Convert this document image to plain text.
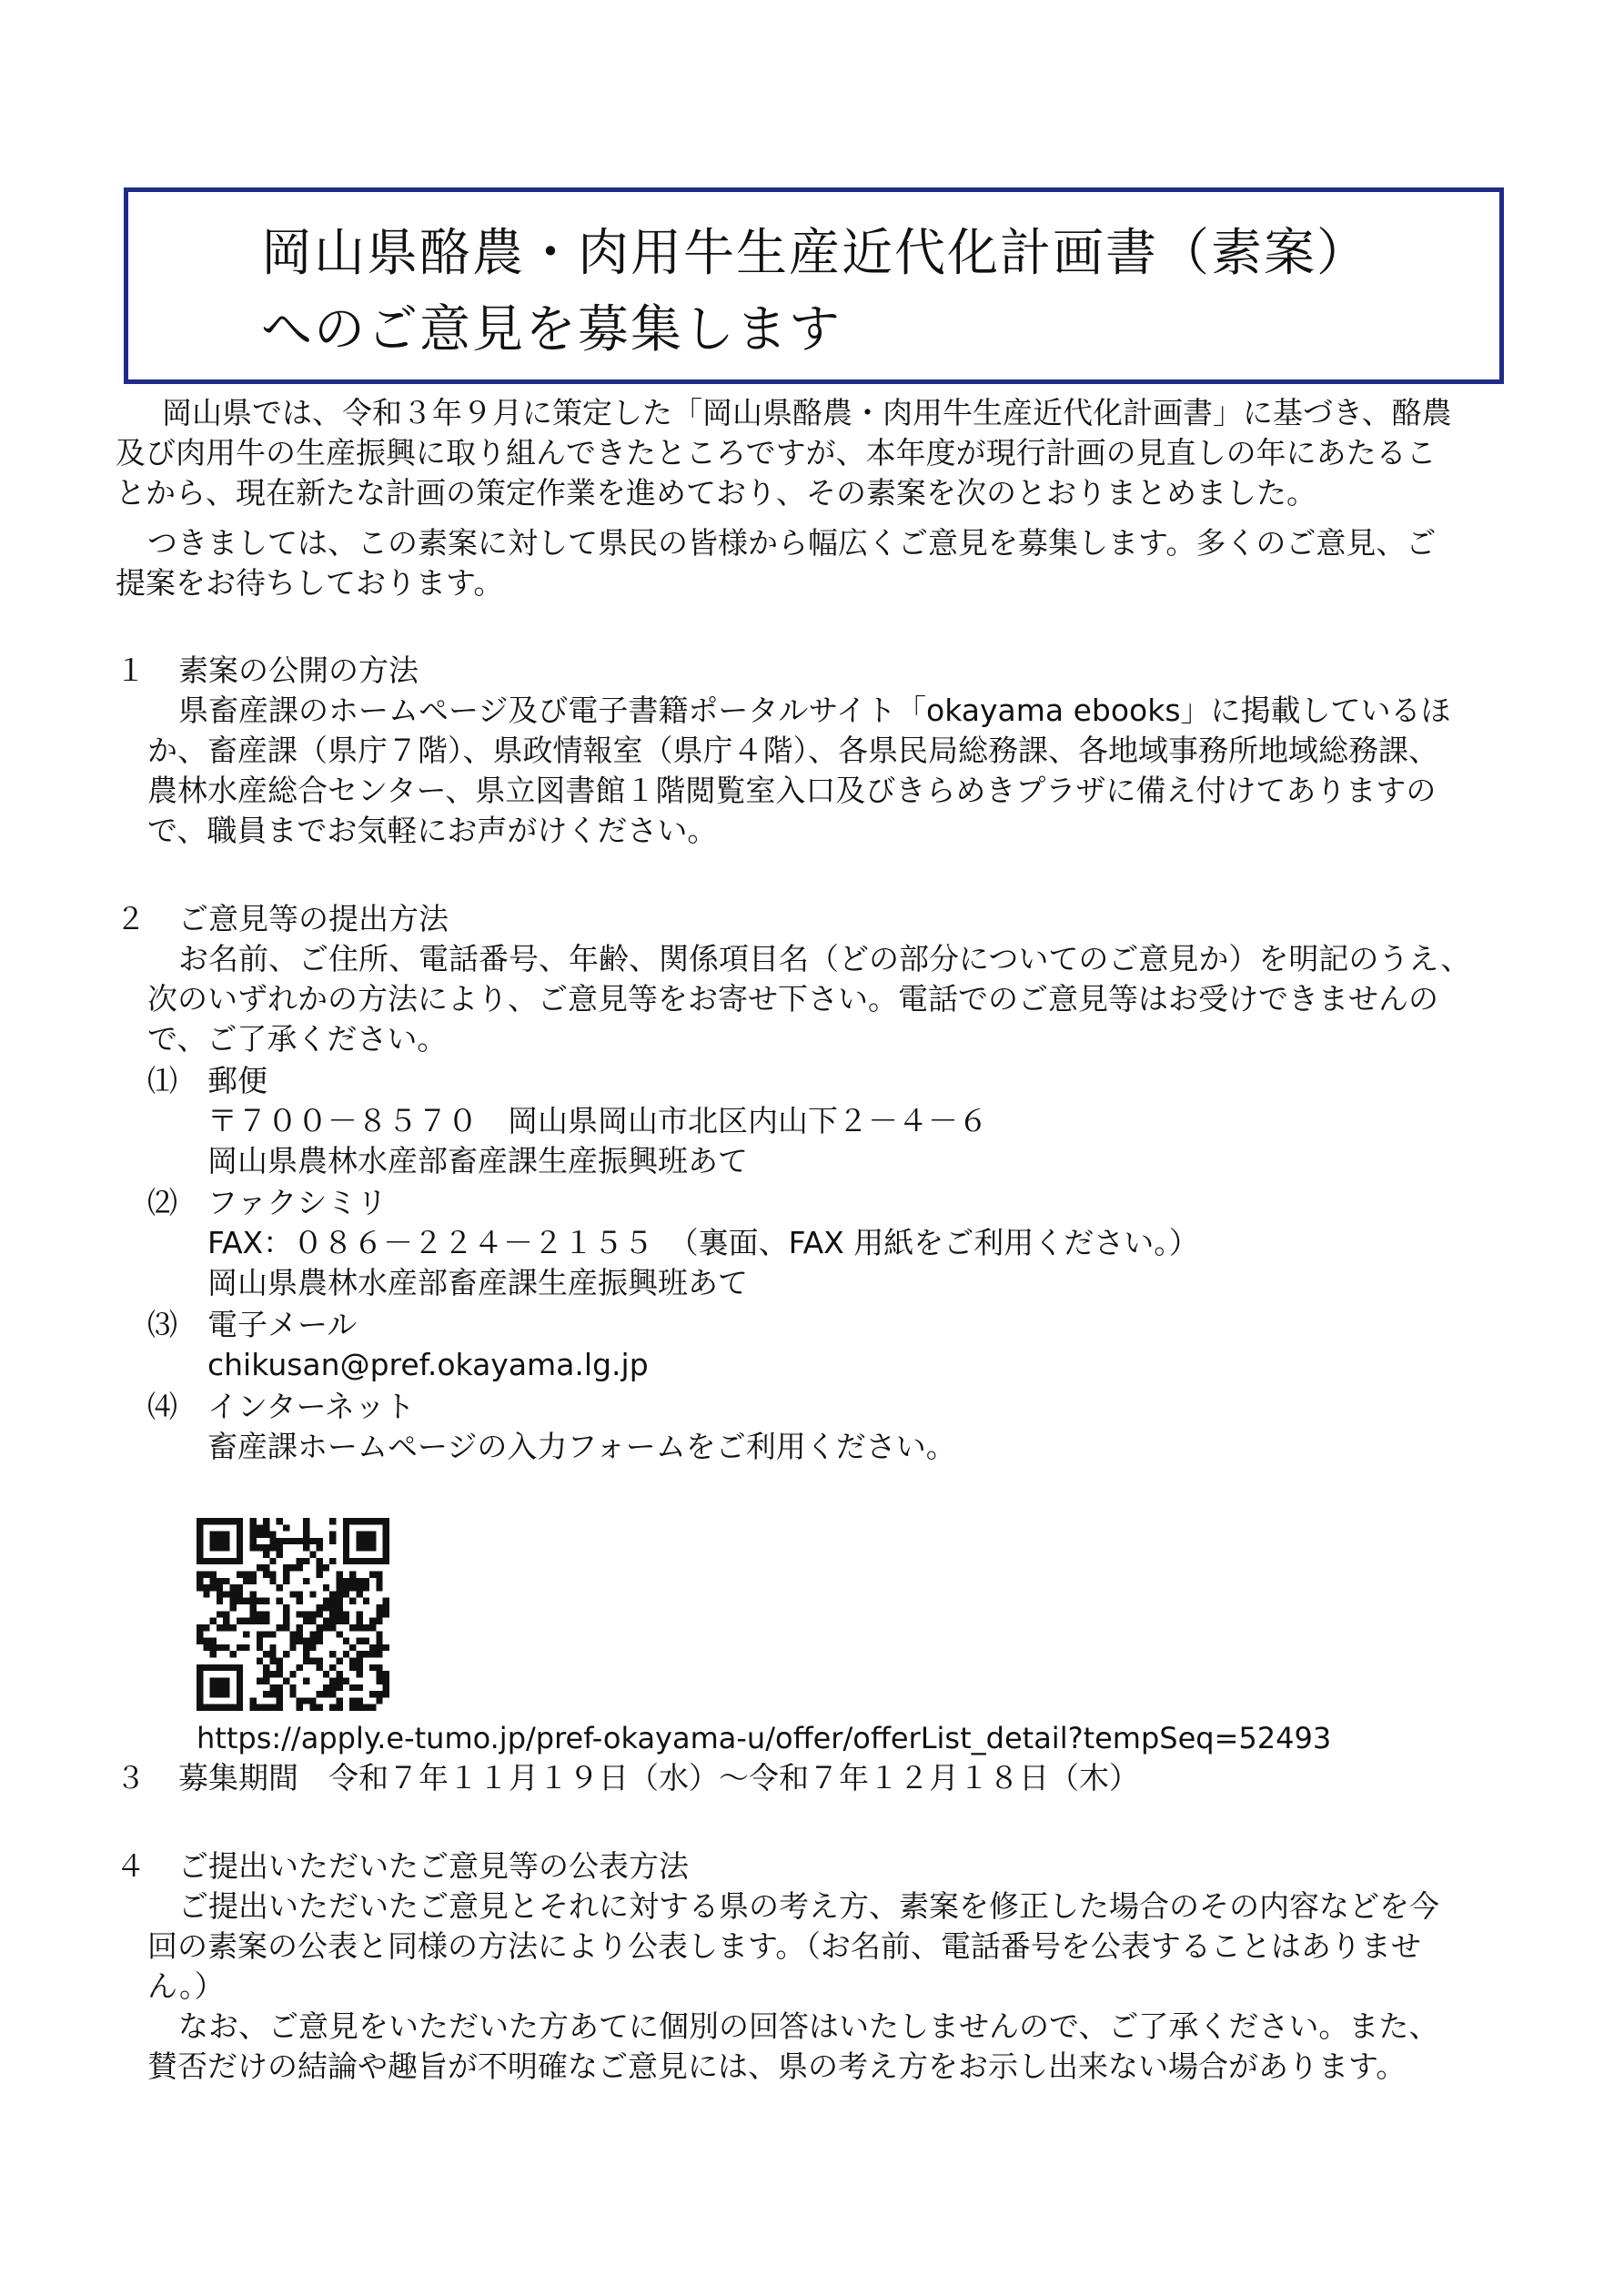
岡山県酪農・肉用牛生産近代化計画書（素案）
へのご意見を募集します
岡山県では、令和３年９月に策定した「岡山県酪農・肉用牛生産近代化計画書」に基づき、酪農
及び肉用牛の生産振興に取り組んできたところですが、本年度が現行計画の見直しの年にあたるこ
とから、現在新たな計画の策定作業を進めており、その素案を次のとおりまとめました。
つきましては、この素案に対して県民の皆様から幅広くご意見を募集します。多くのご意見、ご
提案をお待ちしております。
１ 素案の公開の方法
県畜産課のホームページ及び電子書籍ポータルサイト「okayama ebooks」に掲載しているほ
か、畜産課（県庁７階）、県政情報室（県庁４階）、各県民局総務課、各地域事務所地域総務課、
農林水産総合センター、県立図書館１階閲覧室入口及びきらめきプラザに備え付けてありますの
で、職員までお気軽にお声がけください。
２ ご意見等の提出方法
お名前、ご住所、電話番号、年齢、関係項目名（どの部分についてのご意見か）を明記のうえ、
次のいずれかの方法により、ご意見等をお寄せ下さい。電話でのご意見等はお受けできませんの
で、ご了承ください。
⑴ 郵便
〒７００－８５７０　岡山県岡山市北区内山下２－４－６
岡山県農林水産部畜産課生産振興班あて
⑵ ファクシミリ
FAX：０８６－２２４－２１５５　（裏面、FAX 用紙をご利用ください。）
岡山県農林水産部畜産課生産振興班あて
⑶ 電子メール
chikusan@pref.okayama.lg.jp
⑷ インターネット
畜産課ホームページの入力フォームをご利用ください。
https://apply.e-tumo.jp/pref-okayama-u/offer/offerList_detail?tempSeq=52493
３ 募集期間　令和７年１１月１９日（水）～令和７年１２月１８日（木）
４ ご提出いただいたご意見等の公表方法
ご提出いただいたご意見とそれに対する県の考え方、素案を修正した場合のその内容などを今
回の素案の公表と同様の方法により公表します。（お名前、電話番号を公表することはありませ
ん。）
なお、ご意見をいただいた方あてに個別の回答はいたしませんので、ご了承ください。また、
賛否だけの結論や趣旨が不明確なご意見には、県の考え方をお示し出来ない場合があります。
